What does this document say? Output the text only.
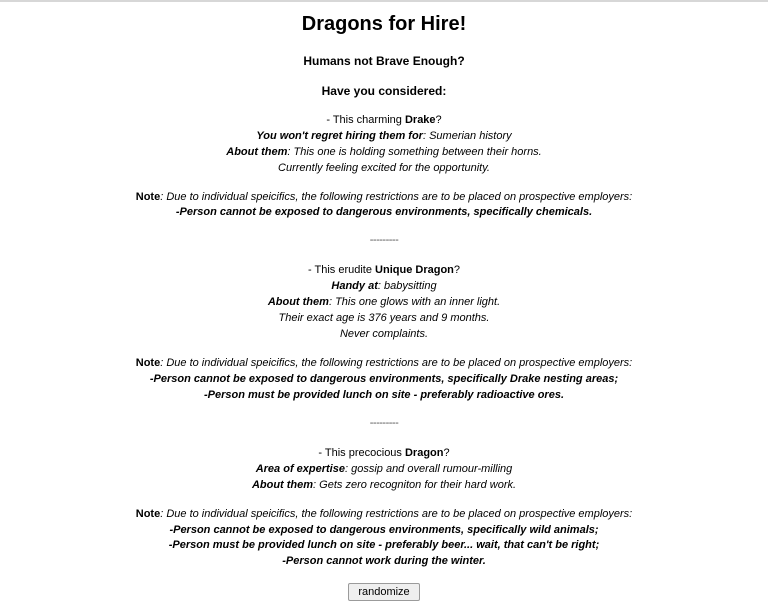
Dragons for Hire!
Humans not Brave Enough?
Have you considered:
- This charming Drake?
You won't regret hiring them for: Sumerian history
About them: This one is holding something between their horns.
Currently feeling excited for the opportunity.
Note: Due to individual speicifics, the following restrictions are to be placed on prospective employers:
-Person cannot be exposed to dangerous environments, specifically chemicals.
---------
- This erudite Unique Dragon?
Handy at: babysitting
About them: This one glows with an inner light.
Their exact age is 376 years and 9 months.
Never complaints.
Note: Due to individual speicifics, the following restrictions are to be placed on prospective employers:
-Person cannot be exposed to dangerous environments, specifically Drake nesting areas;
-Person must be provided lunch on site - preferably radioactive ores.
---------
- This precocious Dragon?
Area of expertise: gossip and overall rumour-milling
About them: Gets zero recogniton for their hard work.
Note: Due to individual speicifics, the following restrictions are to be placed on prospective employers:
-Person cannot be exposed to dangerous environments, specifically wild animals;
-Person must be provided lunch on site - preferably beer... wait, that can't be right;
-Person cannot work during the winter.
randomize
